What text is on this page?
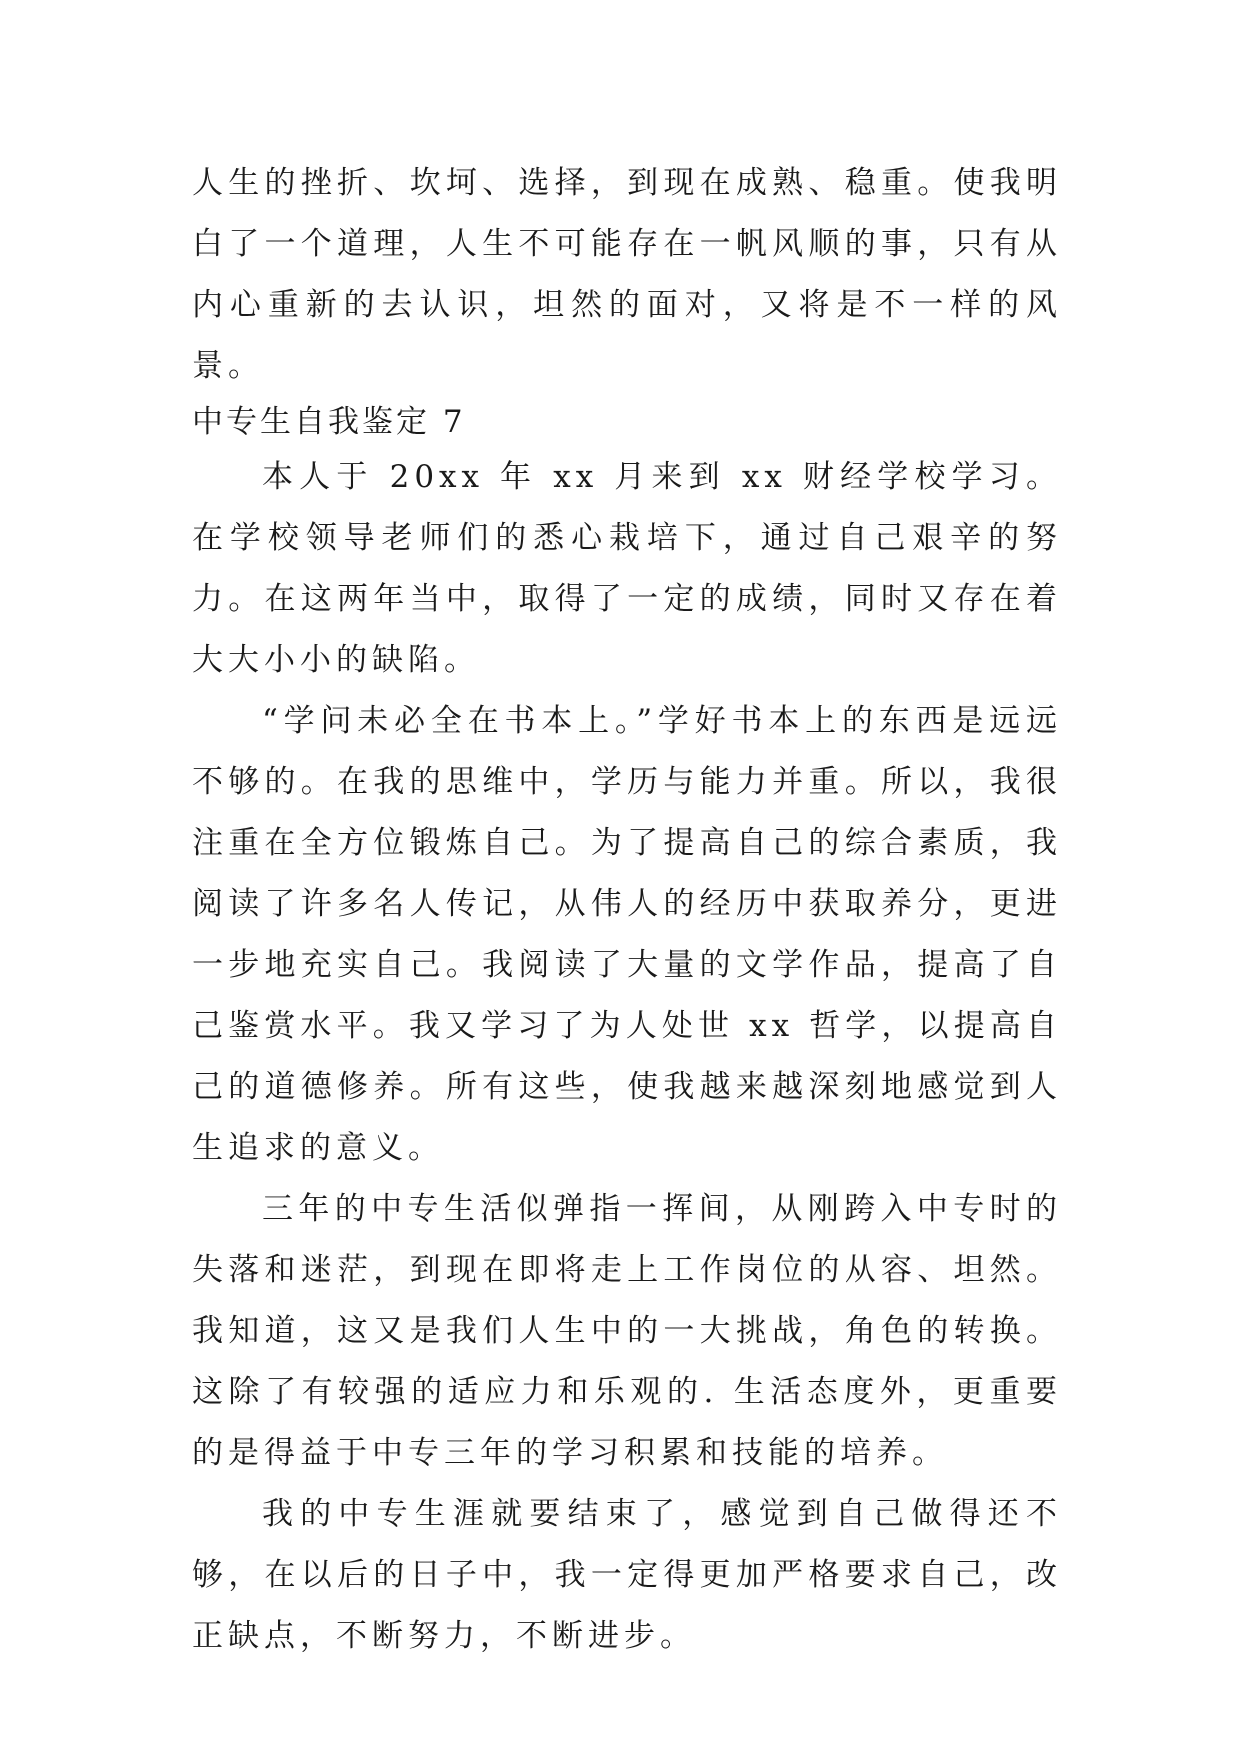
人生的挫折、坎坷、选择，到现在成熟、稳重。使我明白了一个道理，人生不可能存在一帆风顺的事，只有从内心重新的去认识，坦然的面对，又将是不一样的风景。

中专生自我鉴定 7

本人于 20xx 年 xx 月来到 xx 财经学校学习。在学校领导老师们的悉心栽培下，通过自己艰辛的努力。在这两年当中，取得了一定的成绩，同时又存在着大大小小的缺陷。

“学问未必全在书本上。”学好书本上的东西是远远不够的。在我的思维中，学历与能力并重。所以，我很注重在全方位锻炼自己。为了提高自己的综合素质，我阅读了许多名人传记，从伟人的经历中获取养分，更进一步地充实自己。我阅读了大量的文学作品，提高了自己鉴赏水平。我又学习了为人处世 xx 哲学，以提高自己的道德修养。所有这些，使我越来越深刻地感觉到人生追求的意义。

三年的中专生活似弹指一挥间，从刚跨入中专时的失落和迷茫，到现在即将走上工作岗位的从容、坦然。我知道，这又是我们人生中的一大挑战，角色的转换。这除了有较强的适应力和乐观的. 生活态度外，更重要的是得益于中专三年的学习积累和技能的培养。

我的中专生涯就要结束了，感觉到自己做得还不够，在以后的日子中，我一定得更加严格要求自己，改正缺点，不断努力，不断进步。
